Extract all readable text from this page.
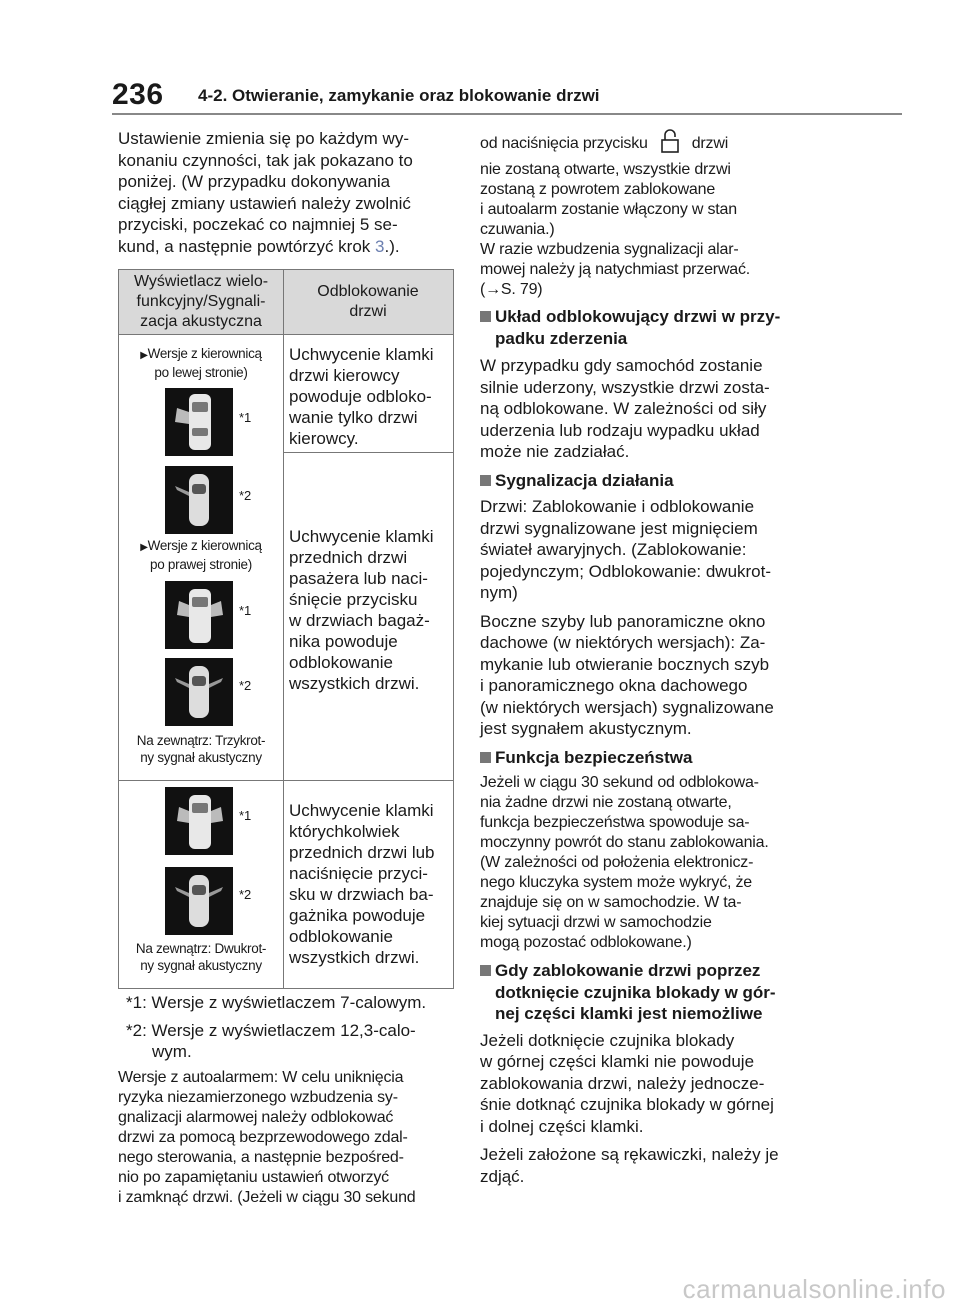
236 4-2. Otwieranie, zamykanie oraz blokowanie drzwi

Ustawienie zmienia się po każdym wy-

konaniu czynności, tak jak pokazano to

poniżej. (W przypadku dokonywania

ciągłej zmiany ustawień należy zwolnić

przyciski, poczekać co najmniej 5 se-

kund, a następnie powtórzyć krok 3.).

Wyświetlacz wielo-
funkcyjny/Sygnali-
zacja akustyczna
Odblokowanie
drzwi
▶Wersje z kierownicą
po lewej stronie)
*1
*2
▶Wersje z kierownicą
po prawej stronie)
*1
*2
Na zewnątrz: Trzykrot-
ny sygnał akustyczny
*1
*2
Na zewnątrz: Dwukrot-
ny sygnał akustyczny
Uchwycenie klamki
drzwi kierowcy
powoduje odbloko-
wanie tylko drzwi
kierowcy.
Uchwycenie klamki
przednich drzwi
pasażera lub naci-
śnięcie przycisku
w drzwiach bagaż-
nika powoduje
odblokowanie
wszystkich drzwi.
Uchwycenie klamki
którychkolwiek
przednich drzwi lub
naciśnięcie przyci-
sku w drzwiach ba-
gażnika powoduje
odblokowanie
wszystkich drzwi.

*1: Wersje z wyświetlaczem 7-calowym.

*2: Wersje z wyświetlaczem 12,3-calo-

wym.

Wersje z autoalarmem: W celu uniknięcia

ryzyka niezamierzonego wzbudzenia sy-

gnalizacji alarmowej należy odblokować

drzwi za pomocą bezprzewodowego zdal-

nego sterowania, a następnie bezpośred-

nio po zapamiętaniu ustawień otworzyć

i zamknąć drzwi. (Jeżeli w ciągu 30 sekund

od naciśnięcia przycisku	drzwi

nie zostaną otwarte, wszystkie drzwi

zostaną z powrotem zablokowane

i autoalarm zostanie włączony w stan

czuwania.)

W razie wzbudzenia sygnalizacji alar-

mowej należy ją natychmiast przerwać.

(→S. 79)

Układ odblokowujący drzwi w przy-

padku zderzenia

W przypadku gdy samochód zostanie

silnie uderzony, wszystkie drzwi zosta-

ną odblokowane. W zależności od siły

uderzenia lub rodzaju wypadku układ

może nie zadziałać.

Sygnalizacja działania

Drzwi: Zablokowanie i odblokowanie

drzwi sygnalizowane jest mignięciem

świateł awaryjnych. (Zablokowanie:

pojedynczym; Odblokowanie: dwukrot-

nym)

Boczne szyby lub panoramiczne okno

dachowe (w niektórych wersjach): Za-

mykanie lub otwieranie bocznych szyb

i panoramicznego okna dachowego

(w niektórych wersjach) sygnalizowane

jest sygnałem akustycznym.

Funkcja bezpieczeństwa

Jeżeli w ciągu 30 sekund od odblokowa-

nia żadne drzwi nie zostaną otwarte,

funkcja bezpieczeństwa spowoduje sa-

moczynny powrót do stanu zablokowania.

(W zależności od położenia elektronicz-

nego kluczyka system może wykryć, że

znajduje się on w samochodzie. W ta-

kiej sytuacji drzwi w samochodzie

mogą pozostać odblokowane.)

Gdy zablokowanie drzwi poprzez

dotknięcie czujnika blokady w gór-

nej części klamki jest niemożliwe

Jeżeli dotknięcie czujnika blokady

w górnej części klamki nie powoduje

zablokowania drzwi, należy jednocze-

śnie dotknąć czujnika blokady w górnej

i dolnej części klamki.

Jeżeli założone są rękawiczki, należy je

zdjąć.

carmanualsonline.info
